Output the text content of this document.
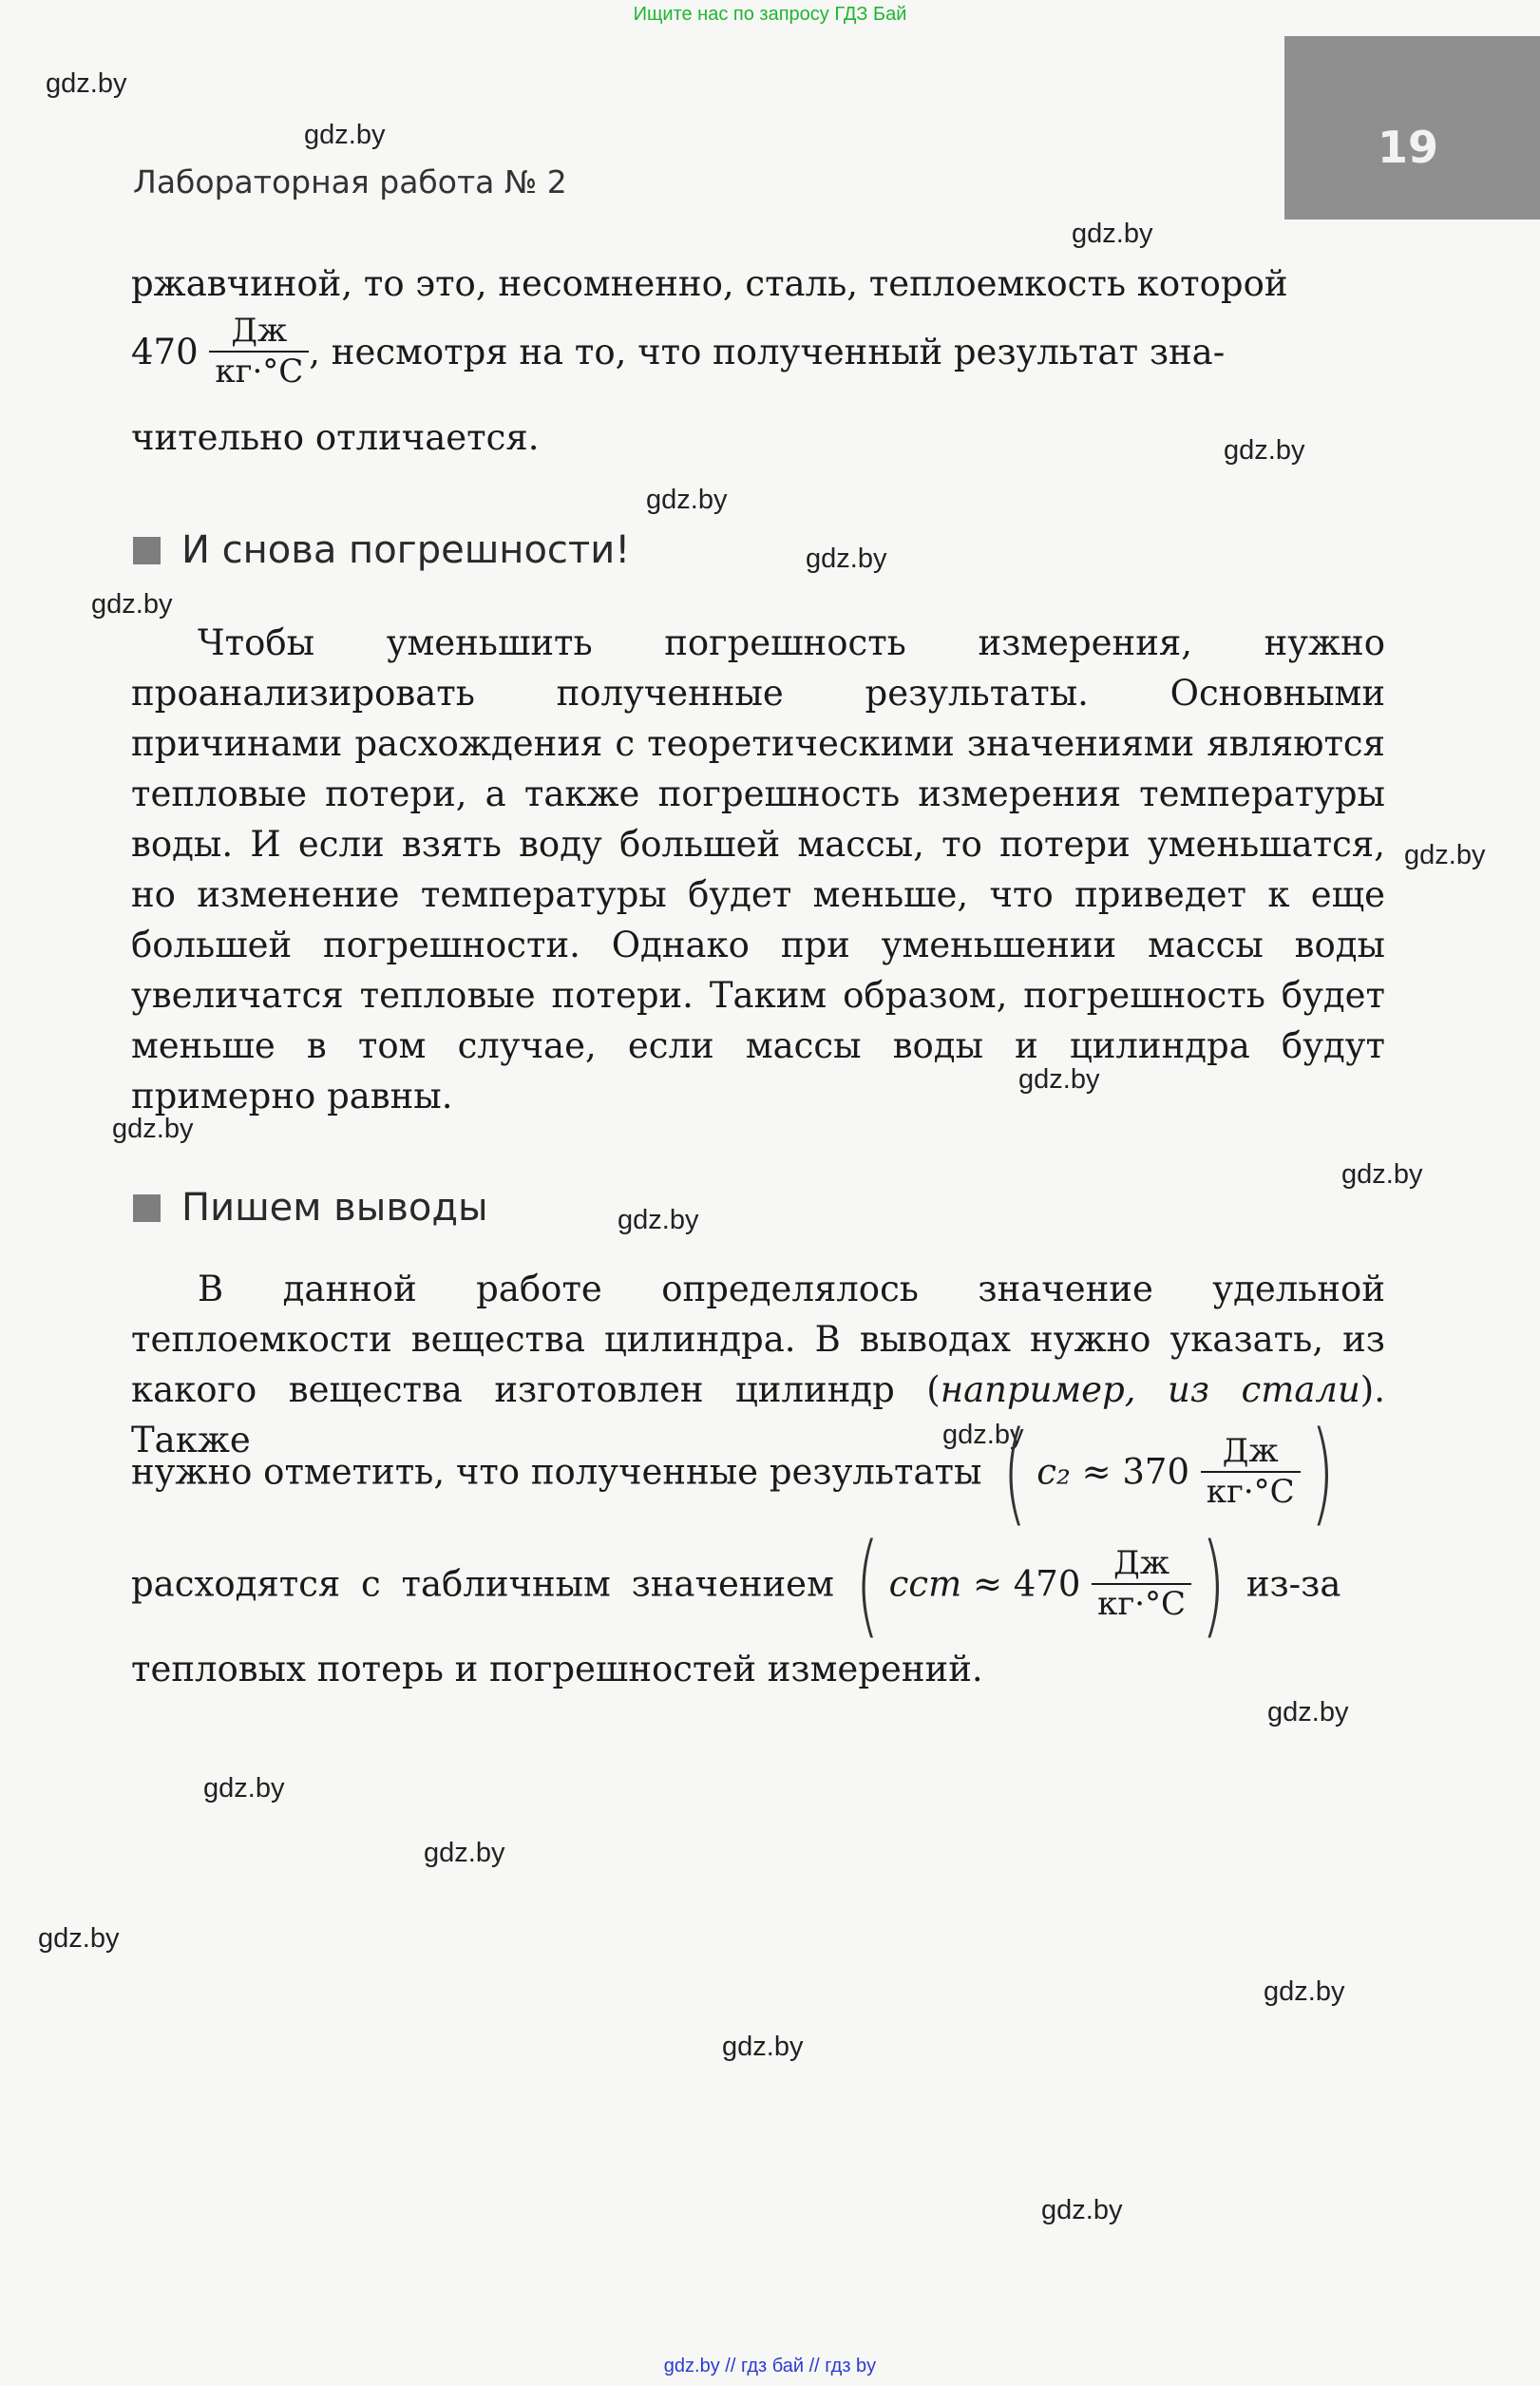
Ищите нас по запросу ГДЗ Бай
19
Лабораторная работа № 2
gdz.by
gdz.by
gdz.by
gdz.by
gdz.by
gdz.by
gdz.by
gdz.by
gdz.by
gdz.by
gdz.by
gdz.by
gdz.by
gdz.by
gdz.by
gdz.by
gdz.by
gdz.by
gdz.by
gdz.by
ржавчиной, то это, несомненно, сталь, теплоемкость которой
$470 \frac{Дж}{кг\cdot^\circ C}$ , несмотря на то, что полученный результат зна-
чительно отличается.
И снова погрешности!
Чтобы уменьшить погрешность измерения, нужно проанализировать полученные результаты. Основными причинами расхождения с теоретическими значениями являются тепловые потери, а также погрешность измерения температуры воды. И если взять воду большей массы, то потери уменьшатся, но изменение температуры будет меньше, что приведет к еще большей погрешности. Однако при уменьшении массы воды увеличатся тепловые потери. Таким образом, погрешность будет меньше в том случае, если массы воды и цилиндра будут примерно равны.
Пишем выводы
В данной работе определялось значение удельной теплоемкости вещества цилиндра. В выводах нужно указать, из какого вещества изготовлен цилиндр (например, из стали). Также
нужно отметить, что полученные результаты ( $c_2 \approx 370 \frac{Дж}{кг\cdot^\circ C}$ )
расходятся с табличным значением ( cст ≈ $470 \frac{Дж}{кг\cdot^\circ C}$ ) из-за
тепловых потерь и погрешностей измерений.
gdz.by // гдз бай // гдз by
